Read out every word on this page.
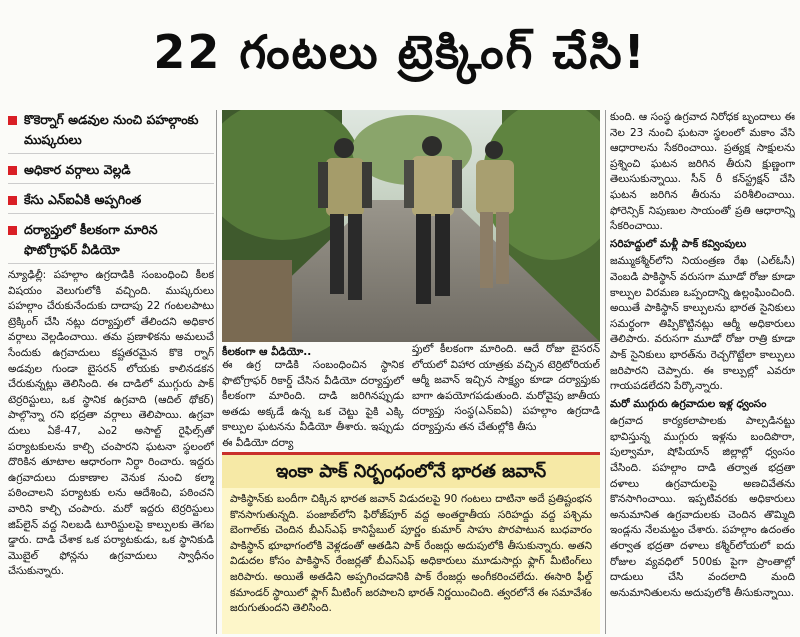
22 గంటలు ట్రెక్కింగ్ చేసి!
కొకెర్నాగ్ అడవుల నుంచి పహల్గాంకు ముష్కరులు
అధికార వర్గాలు వెల్లడి
కేసు ఎన్ఐఏకి అప్పగింత
దర్యాప్తులో కీలకంగా మారిన ఫొటోగ్రాఫర్ వీడియో

న్యూఢిల్లీ: పహల్గాం ఉగ్రదాడికి సంబంధించి కీలక విషయం వెలుగులోకి వచ్చింది. ముష్కరులు పహల్గాం చేరుకునేందుకు దాదాపు 22 గంటలపాటు ట్రెక్కింగ్ చేసి నట్లు దర్యాప్తులో తేలిందని అధికార వర్గాలు వెల్లడించాయి. తమ ప్రణాళికను అమలుచే సేందుకు ఉగ్రవాదులు కష్టతరమైన కొకె ర్నాగ్ అడవుల గుండా బైసరన్ లోయకు కాలినడకన చేరుకున్నట్లు తెలిసింది. ఈ దాడిలో ముగ్గురు పాక్ టెర్రరిస్టులు, ఒక స్థానిక ఉగ్రవాది (ఆదిల్ థోకర్) పాల్గొన్నా రని భద్రతా వర్గాలు తెలిపాయి. ఉగ్రవా దులు ఏకే-47, ఎం2 అసాల్ట్ రైఫిల్స్‌తో పర్యాటకులను కాల్చి చంపారని ఘటనా స్థలంలో దొరికిన తూటాల ఆధారంగా నిర్ధా రించారు. ఇద్దరు ఉగ్రవాదులు దుకాణాల వెనుక నుంచి కల్మా పఠించాలని పర్యాటకు లను ఆదేశించి, పఠించని వారిని కాల్చి చంపారు. మరో ఇద్దరు టెర్రరిస్టులు జిప్‌లైన్ వద్ద నిలబడి టూరిస్టులపై కాల్పులకు తెగబ డ్డారు. దాడి చేశాక ఒక పర్యాటకుడు, ఒక స్థానికుడి మొబైల్ ఫోన్లను ఉగ్రవాదులు స్వాధీనం చేసుకున్నారు.

కీలకంగా ఆ వీడియో..

ఈ ఉగ్ర దాడికి సంబంధించిన స్థానిక ఫొటోగ్రాఫర్ రికార్డ్ చేసిన వీడియో దర్యాప్తులో కీలకంగా మారింది. దాడి జరిగినప్పుడు అతడు అక్కడే ఉన్న ఒక చెట్టు పైకి ఎక్కి కాల్పుల ఘటనను వీడియో తీశారు. ఇప్పుడు ఈ వీడియో దర్యా

ప్తులో కీలకంగా మారింది. ఆదే రోజు బైసరన్ లోయలో విహార యాత్రకు వచ్చిన టెర్రిటోరియల్ ఆర్మీ జవాన్ ఇచ్చిన సాక్ష్యం కూడా దర్యాప్తుకు బాగా ఉపయోగపడుతుంది. మరోవైపు జాతీయ దర్యాప్తు సంస్థ(ఎన్ఐఏ) పహల్గాం ఉగ్రదాడి దర్యాప్తును తన చేతుల్లోకి తీసు

ఇంకా పాక్ నిర్బంధంలోనే భారత జవాన్
పాకిస్థాన్‌కు బందీగా చిక్కిన భారత జవాన్ విడుదలపై 90 గంటలు దాటినా అదే ప్రతిష్టంభన కొనసాగుతున్నది. పంజాబ్‌లోని ఫిరోజ్‌పూర్ వద్ద అంతర్జాతీయ సరిహద్దు వద్ద పశ్చిమ బెంగాల్‌కు చెందిన బీఎస్ఎఫ్ కానిస్టేబుల్ పూర్ణం కుమార్ సాహు పొరపాటున బుధవారం పాకిస్థాన్ భూభాగంలోకి వెళ్లడంతో ఆతడిని పాక్ రేంజర్లు అదుపులోకి తీసుకున్నారు. అతని విడుదల కోసం పాకిస్థాన్ రేంజర్లతో బీఎస్ఎఫ్ అధికారులు మూడుసార్లు ఫ్లాగ్ మీటింగ్‌లు జరిపారు. అయితే అతడిని అప్పగించడానికి పాక్ రేంజర్లు అంగీకరించలేదు. ఈసారి ఫీల్డ్ కమాండర్ స్థాయిలో ఫ్లాగ్ మీటింగ్ జరపాలని భారత్ నిర్ణయించింది. త్వరలోనే ఈ సమావేశం జరుగుతుందని తెలిసింది.

కుంది. ఆ సంస్థ ఉగ్రవాద నిరోధక బృందాలు ఈ నెల 23 నుంచి ఘటనా స్థలంలో మకాం వేసి ఆధారాలను సేకరించాయి. ప్రత్యక్ష సాక్షులను ప్రశ్నించి ఘటన జరిగిన తీరుని క్షుణ్ణంగా తెలుసుకున్నాయి. సీన్ రీ కన్‌స్ట్రక్షన్ చేసి ఘటన జరిగిన తీరును పరిశీలించాయి. ఫోరెన్సిక్ నిపుణుల సాయంతో ప్రతి ఆధారాన్ని సేకరించాయి.

సరిహద్దులో మళ్లీ పాక్ కవ్వింపులు

జమ్ముకశ్మీర్‌లోని నియంత్రణ రేఖ (ఎల్ఓసీ) వెంబడి పాకిస్థాన్ వరుసగా మూడో రోజు కూడా కాల్పుల విరమణ ఒప్పందాన్ని ఉల్లంఘించింది. అయితే పాకిస్థాన్ కాల్పులను భారత సైనికులు సమర్థంగా తిప్పికొట్టినట్లు ఆర్మీ అధికారులు తెలిపారు. వరుసగా మూడో రోజు రాత్రి కూడా పాక్ సైనికులు భారత్‌ను రెచ్చగొట్టేలా కాల్పులు జరిపారని చెప్పారు. ఈ కాల్పుల్లో ఎవరూ గాయపడలేదని పేర్కొన్నారు.

మరో ముగ్గురు ఉగ్రవాదుల ఇళ్ల ధ్వంసం

ఉగ్రవాద కార్యకలాపాలకు పాల్పడినట్టు భావిస్తున్న ముగ్గురు ఇళ్లను బందిపొరా, పుల్వామా, షోపియాన్ జిల్లాల్లో ధ్వంసం చేసింది. పహల్గాం దాడి తర్వాత భద్రతా దళాలు ఉగ్రవాదులపై అణచివేతను కొనసాగించాయి. ఇప్పటివరకు అధికారులు అనుమానిత ఉగ్రవాదులకు చెందిన తొమ్మిది ఇండ్లను నేలమట్టం చేశారు. పహల్గాం ఉదంతం తర్వాత భద్రతా దళాలు కశ్మీర్‌లోయలో ఐదు రోజుల వ్యవధిలో 500కు పైగా ప్రాంతాల్లో దాడులు చేసి వందలాది మంది అనుమానితులను అదుపులోకి తీసుకున్నాయి.
